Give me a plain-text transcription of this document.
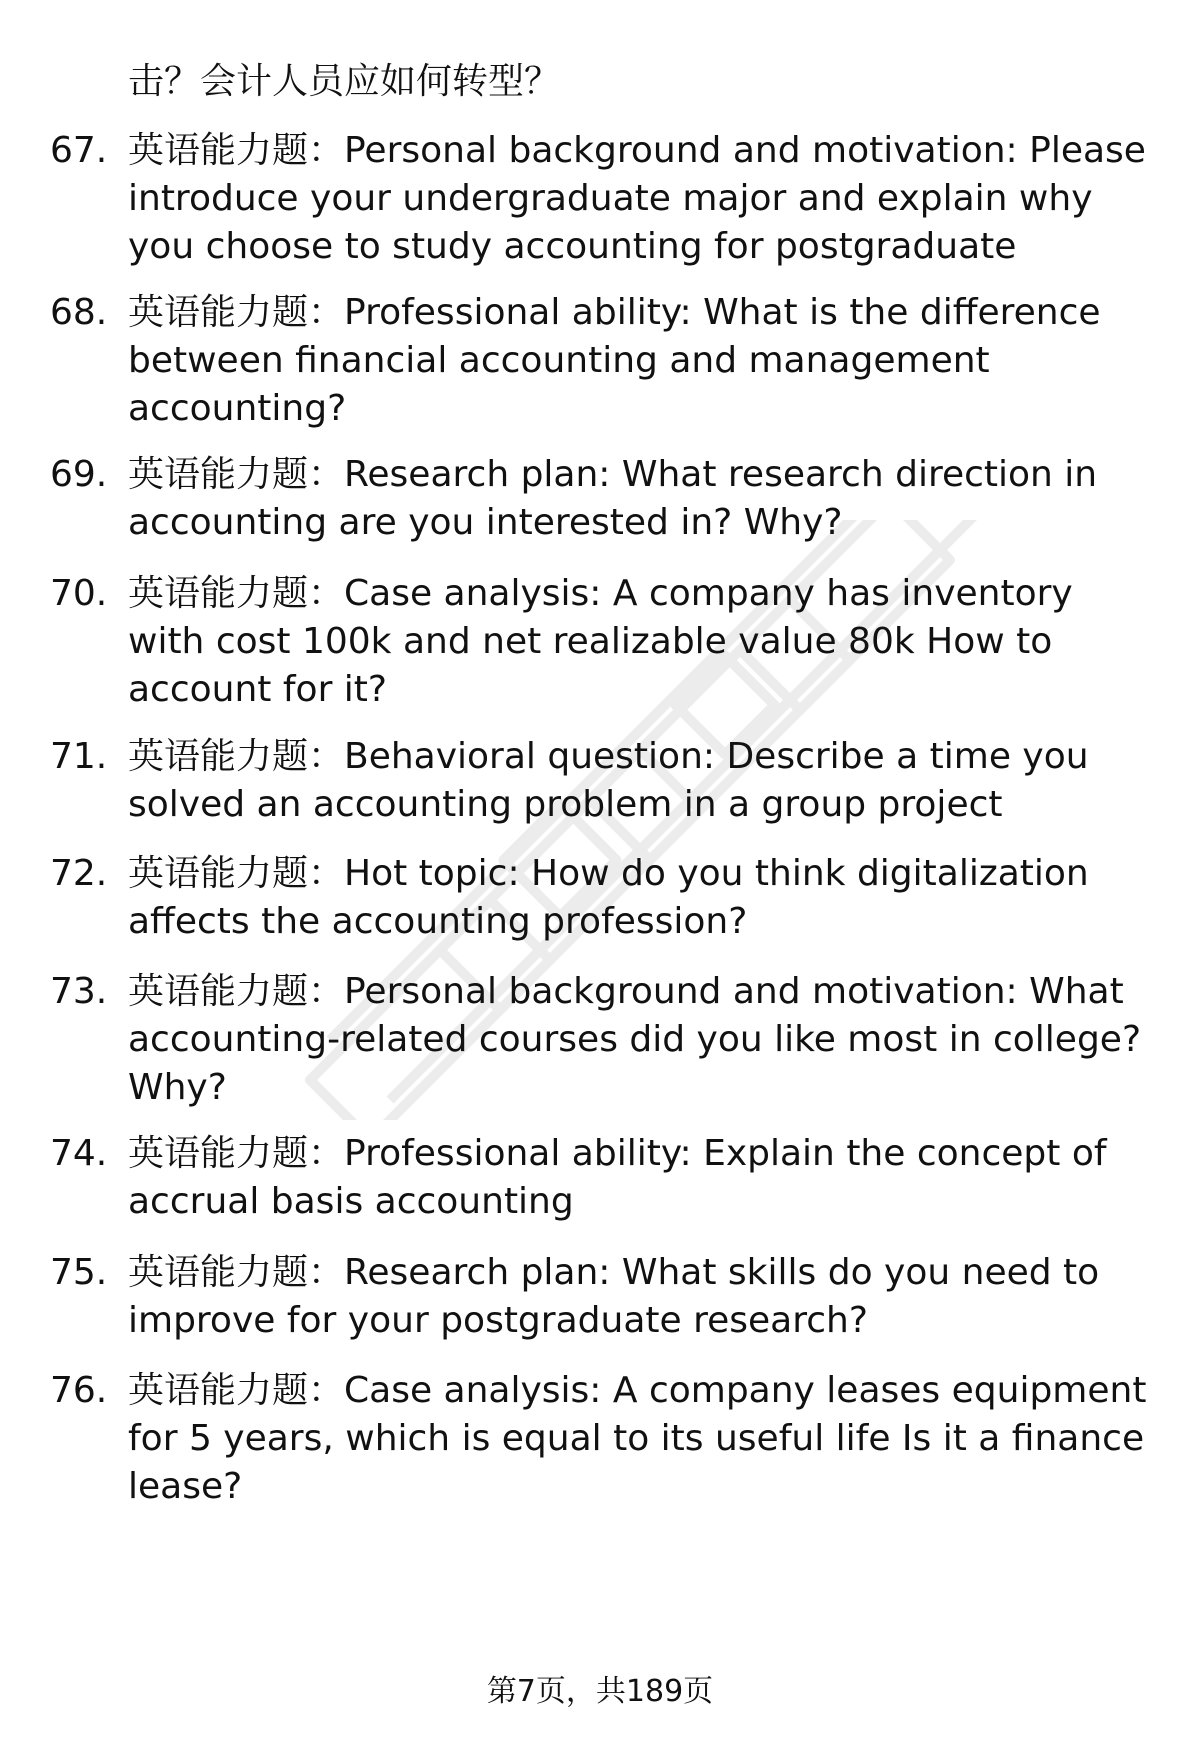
击？会计人员应如何转型？
67. 英语能力题：Personal background and motivation: Please introduce your undergraduate major and explain why you choose to study accounting for postgraduate
68. 英语能力题：Professional ability: What is the difference between financial accounting and management accounting?
69. 英语能力题：Research plan: What research direction in accounting are you interested in? Why?
70. 英语能力题：Case analysis: A company has inventory with cost 100k and net realizable value 80k How to account for it?
71. 英语能力题：Behavioral question: Describe a time you solved an accounting problem in a group project
72. 英语能力题：Hot topic: How do you think digitalization affects the accounting profession?
73. 英语能力题：Personal background and motivation: What accounting-related courses did you like most in college? Why?
74. 英语能力题：Professional ability: Explain the concept of accrual basis accounting
75. 英语能力题：Research plan: What skills do you need to improve for your postgraduate research?
76. 英语能力题：Case analysis: A company leases equipment for 5 years, which is equal to its useful life Is it a finance lease?
第7页，共189页
